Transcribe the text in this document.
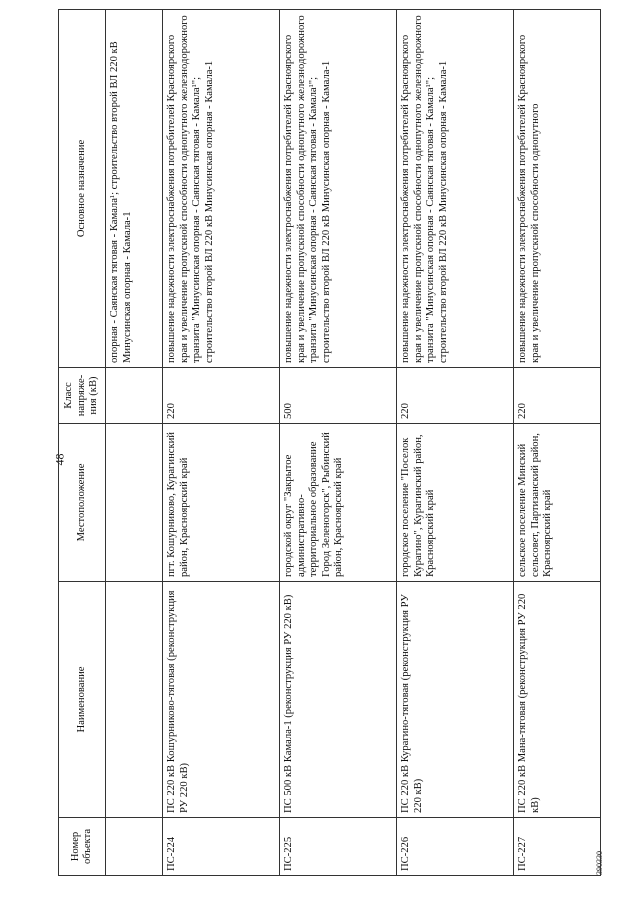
48
390330
Номер объекта	Наименование	Местоположение	Класс напряже-ния (кВ)	Основное назначение
				опорная - Саянская тяговая - Камала¹; строительство второй ВЛ 220 кВ Минусинская опорная - Камала-1
ПС-224	ПС 220 кВ Кошурниково-тяговая (реконструкция РУ 220 кВ)	пгт. Кошурниково, Курагинский район, Красноярский край	220	повышение надежности электроснабжения потребителей Красноярского края и увеличение пропускной способности однопутного железнодорожного транзита "Минусинская опорная - Саянская тяговая - Камала¹"; строительство второй ВЛ 220 кВ Минусинская опорная - Камала-1
ПС-225	ПС 500 кВ Камала-1 (реконструкция РУ 220 кВ)	городской округ "Закрытое административно-территориальное образование Город Зеленогорск", Рыбинский район, Красноярский край	500	повышение надежности электроснабжения потребителей Красноярского края и увеличение пропускной способности однопутного железнодорожного транзита "Минусинская опорная - Саянская тяговая - Камала¹"; строительство второй ВЛ 220 кВ Минусинская опорная - Камала-1
ПС-226	ПС 220 кВ Курагино-тяговая (реконструкция РУ 220 кВ)	городское поселение "Поселок Курагино", Курагинский район, Красноярский край	220	повышение надежности электроснабжения потребителей Красноярского края и увеличение пропускной способности однопутного железнодорожного транзита "Минусинская опорная - Саянская тяговая - Камала¹"; строительство второй ВЛ 220 кВ Минусинская опорная - Камала-1
ПС-227	ПС 220 кВ Мана-тяговая (реконструкция РУ 220 кВ)	сельское поселение Минский сельсовет, Партизанский район, Красноярский край	220	повышение надежности электроснабжения потребителей Красноярского края и увеличение пропускной способности однопутного
